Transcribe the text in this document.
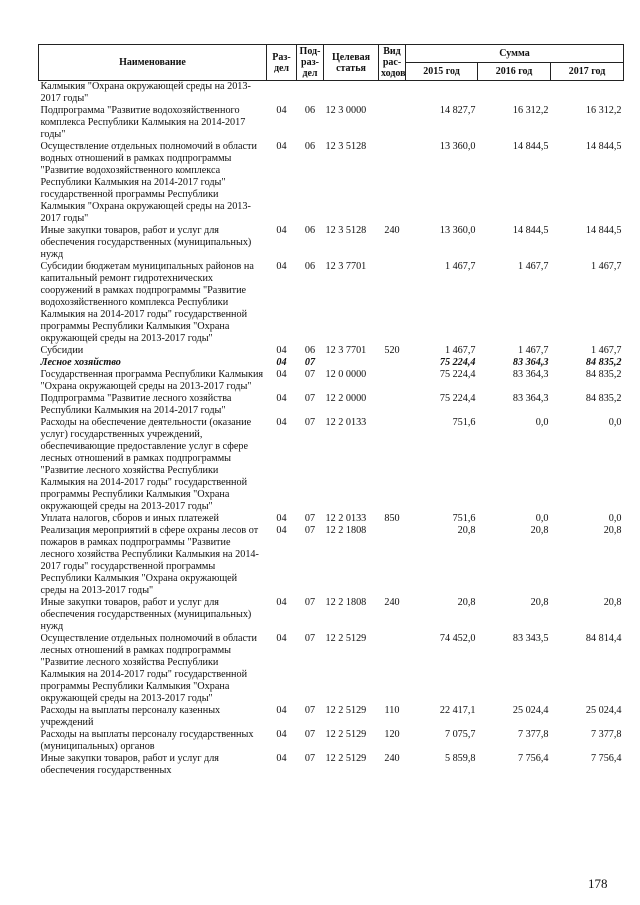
Наименование	Раз-дел	Под-раз-дел	Целевая статья	Вид рас-ходов	Сумма		
					2015 год	2016 год	2017 год
Калмыкия "Охрана окружающей среды на 2013-2017 годы"							
Подпрограмма "Развитие водохозяйственного комплекса Республики Калмыкия на 2014-2017 годы"	04	06	12 3 0000		14 827,7	16 312,2	16 312,2
Осуществление отдельных полномочий в области водных отношений в рамках подпрограммы "Развитие водохозяйственного комплекса Республики Калмыкия на 2014-2017 годы" государственной программы Республики Калмыкия "Охрана окружающей среды на 2013-2017 годы"	04	06	12 3 5128		13 360,0	14 844,5	14 844,5
Иные закупки товаров, работ и услуг для обеспечения государственных (муниципальных) нужд	04	06	12 3 5128	240	13 360,0	14 844,5	14 844,5
Субсидии бюджетам муниципальных районов на капитальный ремонт гидротехнических сооружений в рамках подпрограммы "Развитие водохозяйственного комплекса Республики Калмыкия на 2014-2017 годы" государственной программы Республики Калмыкия "Охрана окружающей среды на 2013-2017 годы"	04	06	12 3 7701		1 467,7	1 467,7	1 467,7
Субсидии	04	06	12 3 7701	520	1 467,7	1 467,7	1 467,7
Лесное хозяйство	04	07			75 224,4	83 364,3	84 835,2
Государственная программа Республики Калмыкия "Охрана окружающей среды на 2013-2017 годы"	04	07	12 0 0000		75 224,4	83 364,3	84 835,2
Подпрограмма "Развитие лесного хозяйства Республики Калмыкия на 2014-2017 годы"	04	07	12 2 0000		75 224,4	83 364,3	84 835,2
Расходы на обеспечение деятельности (оказание услуг) государственных учреждений, обеспечивающие предоставление услуг в сфере лесных отношений в рамках подпрограммы "Развитие лесного хозяйства Республики Калмыкия на 2014-2017 годы" государственной программы Республики Калмыкия "Охрана окружающей среды на 2013-2017 годы"	04	07	12 2 0133		751,6	0,0	0,0
Уплата налогов, сборов и иных платежей	04	07	12 2 0133	850	751,6	0,0	0,0
Реализация мероприятий в сфере охраны лесов от пожаров в рамках подпрограммы "Развитие лесного хозяйства Республики Калмыкия на 2014-2017 годы" государственной программы Республики Калмыкия "Охрана окружающей среды на 2013-2017 годы"	04	07	12 2 1808		20,8	20,8	20,8
Иные закупки товаров, работ и услуг для обеспечения государственных (муниципальных) нужд	04	07	12 2 1808	240	20,8	20,8	20,8
Осуществление отдельных полномочий в области лесных отношений в рамках подпрограммы "Развитие лесного хозяйства Республики Калмыкия на 2014-2017 годы" государственной программы Республики Калмыкия "Охрана окружающей среды на 2013-2017 годы"	04	07	12 2 5129		74 452,0	83 343,5	84 814,4
Расходы на выплаты персоналу казенных учреждений	04	07	12 2 5129	110	22 417,1	25 024,4	25 024,4
Расходы на выплаты персоналу государственных (муниципальных) органов	04	07	12 2 5129	120	7 075,7	7 377,8	7 377,8
Иные закупки товаров, работ и услуг для обеспечения государственных	04	07	12 2 5129	240	5 859,8	7 756,4	7 756,4
178
